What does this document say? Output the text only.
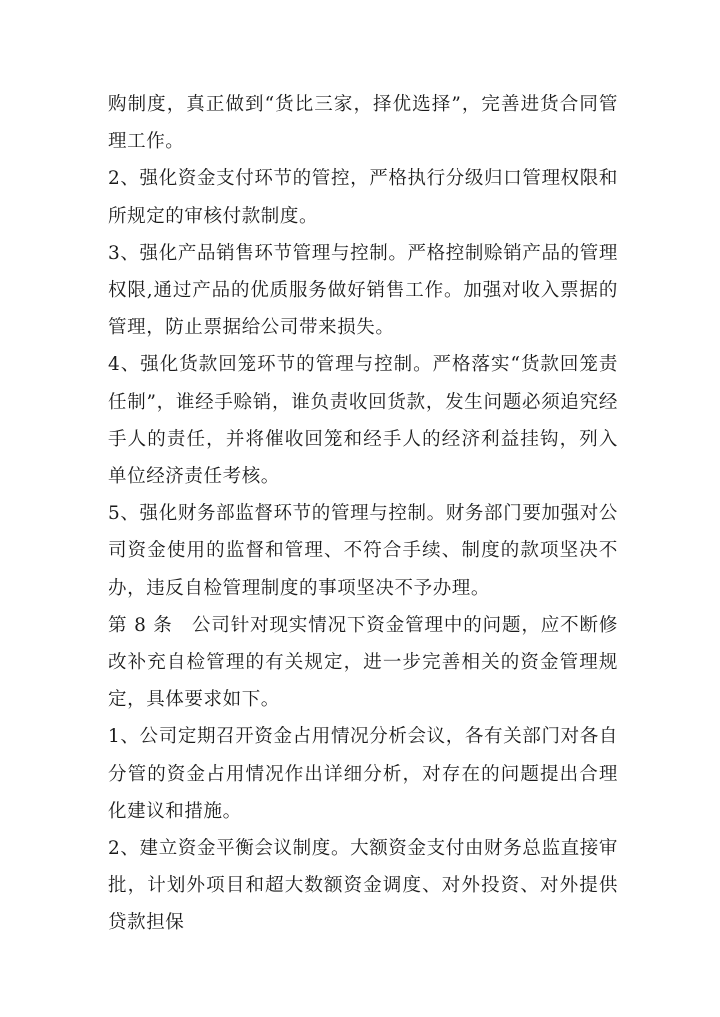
购制度，真正做到“货比三家，择优选择”，完善进货合同管理工作。

2、强化资金支付环节的管控，严格执行分级归口管理权限和所规定的审核付款制度。

3、强化产品销售环节管理与控制。严格控制赊销产品的管理权限,通过产品的优质服务做好销售工作。加强对收入票据的管理，防止票据给公司带来损失。

4、强化货款回笼环节的管理与控制。严格落实“货款回笼责任制”，谁经手赊销，谁负责收回货款，发生问题必须追究经手人的责任，并将催收回笼和经手人的经济利益挂钩，列入单位经济责任考核。

5、强化财务部监督环节的管理与控制。财务部门要加强对公司资金使用的监督和管理、不符合手续、制度的款项坚决不办，违反自检管理制度的事项坚决不予办理。

第 8 条　公司针对现实情况下资金管理中的问题，应不断修改补充自检管理的有关规定，进一步完善相关的资金管理规定，具体要求如下。

1、公司定期召开资金占用情况分析会议，各有关部门对各自分管的资金占用情况作出详细分析，对存在的问题提出合理化建议和措施。

2、建立资金平衡会议制度。大额资金支付由财务总监直接审批，计划外项目和超大数额资金调度、对外投资、对外提供贷款担保
